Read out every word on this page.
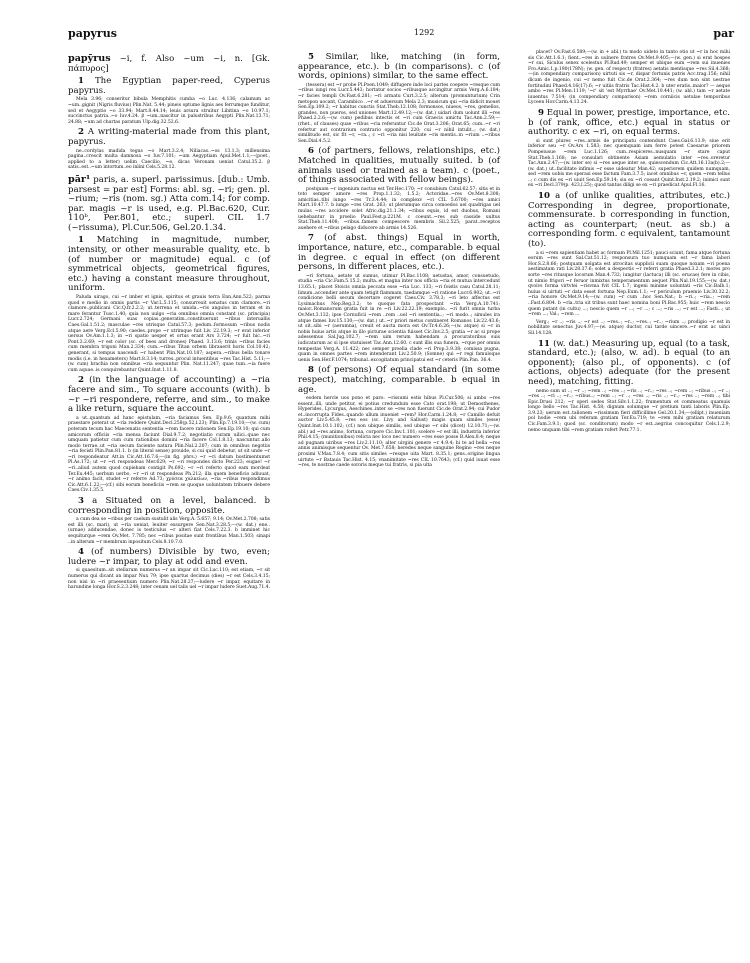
papyrus	1292	par

papȳrus ~i, f. Also ~um ~i, n. [Gk. πάπυρος]

1 The Egyptian paper-reed, Cyperus papyrus.

Mela 3.96; conseritur bibula Memphitis cumba ~o Luc. 4.136; calamum ac ~um..gignit (Nigris fluvius) Plin.Nat. 5.44; pineis optume lignis aes ferrumque funditur, sed et Aegyptio ~o 33.94; Mart.8.44.14; leuis arsura struitur Libitina ~o 10.97.1; succinctus patria..~o Iuv.4.24. β ~um..nascitur in palustribus Aegypti Plin.Nat.13.71; 24.88; ~um ad chartas paratum Ulp.dig.32.52.6.

2 A writing-material made from this plant, papyrus.

ne..cordylas madida tegus ~o Mart.3.2.4; Niliacas..~os 13.1.3; millensima pagina..crescit multa damnosa ~o Iuv.7.101; ~um Aegyptiam Apul.Met.1.1;—(poet., applied to a letter) uelim Caecilio, ~e, dicas Veronam ueniat Catul.35.2. β satis..est..~um intortum..eo inlini Cels.5.28.12.

pār¹ paris, a. superl. parissimus. [dub.: Umb. parsest = par est] Forms: abl. sg. ~ri; gen. pl. ~rium; ~ris (nom. sg.) Atta com.14; for comp. par. magis ~r is used, e.g. Pl.Bac.620, Cur. 110ᵇ, Per.801, etc.; superl. CIL 1.7 (~rissuma), Pl.Cur.506, Gel.20.1.34.

1 Matching in magnitude, number, intensity, or other measurable quality, etc. b (of number or magnitude) equal. c (of symmetrical objects, geometrical figures, etc.) having a constant measure throughout, uniform.

Paluda uirago, cui ~r imber et ignis, spiritus et grauis terra Enn.Ann.522; parma quod e medio in omnis partis ~r Var.L.5.115; consurrexit senatus cum clamore..~ri clamore..publicani Cic.Q.fr.2.2.2; ut..terrena et umida..~ris angulos in terram et in mare ferantur Tusc.1.40; quia non uulgo ~ria omnibus omnia constant (sc. principia) Lucr.2.724; Germani suas copias..generatim..constituerunt ~ribus interuallis Caes.Gal.1.51.2; masculae ~res utrisque Catul.57.3; pedum..formosum ~ribus nodis atque aere Verg.Ecl.5.90; caedes..prope ~r utrimque fuit Liv. 22.19.3; ~r erat inferior uersus Ov.Am.1.1.3; in ~ri spatio uesper et ortus erant Ars 3.724; ~r fuit hic..~ri Pont.3.2.69; ~r est color (sc. of bees and drones) Phaed. 3.13.6; trinis ~ribus facies cum membra trigoni Man.2.334; cum..~ribus Titan orbem librauerit horis Col.10.42; generant, si tempus nascendi ~r habent Plin.Nat.10.187; aspera..~ribus bella tonare modis (i.e. in hexameters) Mart.8.3.14; turres..procul intuentibus ~res Tac.Hist. 5.11;—(w. cum) brachia non omnibus ~ria sequuntur Plin. Nat.11.247; quae tum..~ia fuere cum aquae..is conquirebantur Quint.Inst.1.11.8.

2 (in the language of accounting) a ~ria facere and sim., To square accounts (with). b ~r ~ri respondere, referre, and sim., to make a like return, square the account.

a ut..quantum ad hanc epistulam, ~ria faciamus Sen. Ep.9.6; quantum mihi praestare poterat ut ~ria reddere Quint.Decl.258(p.52,l.23); Plin.Ep.7.19.10;—(w. cum) poteram tecum hac Maecenatis sententia ~rem facere rationem Sen.Ep.19.10; qui cum amicorum officiis ~ria mensa faciunt Dial.9.7.2; negotiatio curam uilici..quae nec umquam patietur cum cum rationibus domini ~ria facere Col.1.8.13; nascuntur..alio modo terrae..ut ~ria secum faciente natura Plin.Nal.2.207; cum in omnibus negotiis ~ria fecisti Plin.Pan.81.1. b (in literal sense) prouide, si cui quid debetur, ut sit unde ~r ~ri respondeatur Att.in Cic.Att.16.7.6;—(in fig. phrs.) ~r ~ri datum hostimentumst Pl.As.172; ut ~r ~ri respondeas Mer.629; ~r ~ri respondes dicto Per.223; eugae! ~r ~ri..aliud autem quod cupiebam contigit Ps.692; ~r ~ri referto quod eam mordeat Ter.Eu.445; uerbum uerbo, ~r ~ri ut respondeas Ph.212; illa quem beneficio adiuuat, ~r animo facit, studet ~r referre Ad.73; χρύσεα χαλκείων, ~ria ~ribus respondimus Cic.Att.6.1.22;—(cf.) sibi eorum beneficiis ~rem se quoque uoluntatem tribuere debere Caes.Civ.1.35.5.

3 a Situated on a level, balanced. b corresponding in position, opposite.

a cum dea se ~ribus per caelum sustulit alis Verg.A. 5.657; 9.14; Ov.Met.2.708; satis est illi (sc. mari), ut ~ria ueniat, leuiter exsurgere Sen.Nat.3.28.5;—(w. dat.) ene..(urnae) adducendae, donec is testiculus ~r alteri fiat Cels.7.22.3. b imminet hic sequiturque ~rem Ov.Met. 7.785; nec ~ribus positae sunt frontibus Man.1.503; sinapi ..in alterum ~r membrum inpositum Cels.8.10.7.0.

4 (of numbers) Divisible by two, even; ludere ~r impar, to play at odd and even.

si quaesitum..sit stellarum numerus ~r an impar sit Cic.Luc.110; est etiam, ~r sit numerus qui dicant an impar Nux 79; ipse quartus decimus (dies) ~r est Cels.3.4.15; non nisi in ~ri praesentium numero Plin.Nat.28.27;—ludere ~r impar, equitare in harundine longa Hor.S.2.3.248; inter cenam uel talis uel ~r impar ludere Suet.Aug.71.4.

5 Similar, like, matching (in form, appearance, etc.). b (in comparisons). c (of words, opinions) similar, to the same effect.

(tessera) est ~r probe Pl.Poen.1049; diffugere inde loci partes coepere ~resque cum ~ribus iungi res Lucr.5.443; hortatur socios ~ribusque accingitur armis Verg.A.6.184; ~r facies templi Ov.Fast.6.281; ~ri armatu Curt.3.2.5; alterum (promunturium) Crin metopon uocant, Carambico ..~r et aduersum Mela 2.3; musicum qui ~ria didicit mouet Sen.Ep.109.2; ~r habitus cunctis Stat.Theb.12.108; formonsos, niueos, ~res, gemellos, grandes, non pueros, sed uniones Mart.12.49.12;—(w. dat.) uidari dum uolunt illi ~res Phaed.2.2.6;—(w. cum) pedibus intectis et ~ri cum Graecis amictu Tac.Ann.2.59;—(rhet., of clauses) quae ~ribus ~ria referuntur Cic.de Orat.3.206; Orat.65; cum..~r ~ri refertur aut contrarium contrario opponitur 220; cui ~r nihil intulit..; (w. dat.) similitudo est, sic fit ~r, ~ra..; c ~ri ~ria nisi leuitate ~ris mentis..in ~rium ..~ribus Sen.Dial.4.5.2.

6 (of partners, fellows, relationships, etc.) Matched in qualities, mutually suited. b (of animals used or trained as a team). c (poet., of things associated with fellow beings).

postquam ~r ingenium nactus est Ter.Hec.170; ~r conubium Catul.62.57; sitis et in toto semper amore ~res Prop.1.1.32; 1.5.2; Actoridae..~res Ov.Met.8.308; amicitias..tibi iungo ~res Tr.3.4.44; in complexv ~ri CIL 5.6700; ~res amici Mart.10.47.7. b iunge ~res Grat. 263; ut plerumque circa comoedos uel quadrigas uel mulas ~res accidere solet Afric.dig.21.1.34; ~ribus equis, id est duobus, Romani uehebantur in proelio Paul.Fest.p.221M. c coeunt..~res sub casside uultus Stat.Theb.11.408; ~ribus..famem compescere membris Sil.2.525; parat..receptos auehere et ~ribus pelago diducere ab armis 14.526.

7 (of abst. things) Equal in worth, importance, nature, etc., comparable. b equal in degree. c equal in effect (on different persons, in different places, etc.).

~ri fortuna, aetate ut sumus, utimur Pl.Bac.1108; uetustas, amor, consuetudo, studia ~ria Cic.Fam.5.15.2; multa..et magna inter nos officia ~ria et mutua intercedunt 13.65.1; placet Stoicis omnia peccata esse ~ria Luc. 133; ~ri foistis casu Catul.28.11; limum..accendier ante quam tetigit flammam, taedamque ~ri ratione Lucr.6.902; ut..~ri condicione belli secum decertare cogeret Caes.Civ. 3.78.3; ~ri leto affectus est Lysimachus Nep.Reg.3.2; te quoque fata prospectant ~ria Verg.A.10.741; maior..Romanorum gratia fuit in re ~ri Liv.22.22.19; exemplo.. ~ri furit omnis turba Ov.Met.3.132; ipse Cornuficii ~rem ..rem ..uel ~ri sententia..; ~ri modo..; simules ira atque fames Iuv.15.130;—(w. dat.) ut..~r priori metus contineret Romanos Liv.22.43.6; ut sit..sibi ~r (aerumna), creuit et aucta mora est Ov.Tr.4.6.26;—(w. atque) si ~r in nobis huius artis atque in illo picturae scientia fuisset Cic.Inv.2.5; gratia ~r ac si prope adessemus Sal.Jug.102.7; ~rem uim rerum habendam a procuratoribus suis iudicatarum ac si ipse statuisset Tac.Ann.12.60. c sunt illis sua funera, ~rque per omnis tempestas Verg.A. 11.422; nec semper proelia clade ~ri Prop.3.9.38; comissa pugna, quam in omnes partes ~rem intenderant Liv.2.50.9; (Somne) qui ~r regi famuloque uenis Sen.Her.F.1074; tribunal..excogitatum principatui est ~r ceteris Plin.Pan. 36.4.

8 (of persons) Of equal standard (in some respect), matching, comparable. b equal in age.

eodem hercle uos pono et paro: ~rissumi estis hibus Pl.Cur.506; si ambo ~res essent..illi, unde petitur, ei potius credundum esse Cato orat.198; ut Demosthenes, Hyperides, Lycurgus, Aeschines..inter se ~res non fuerunt Cic.de Orat.2.94; cui Pudor et..incorrupta Fides..quando ullum inueniet ~rem? Hor.Carm.1.24.8; ~r Camillo defuit auctor Liv.5.45.8; ~res eos (sc. Livy and Sallust) magis quam similes (esse) Quint.Inst.10.1.102; (cf.) non ubique similis, sed ubique ~r sibi (dicet) 12.10.71;—(w. abl.) ad ~res animo, fortuna, corpore Cic.Inv.1.101; scelere ~r est illi, industria inferior Phil.4.15; (munitionibus) relicta nec loco nec numero ~res esse posse B.Alex.8.4; neque ad pugnam uiribus ~res Liv.2.11.10; alter uirgini genere ~r 4.9.4; hi te ad bella ~res annis animisque sequentur Ov. Met.7.658; heredes neque sanguine Regino ~res neque proximi V.Max.7.8.4; cum sitis similes ~resque uita Mart. 8.35.1; gens..origine lingua uirtute ~r Batauis Tac.Hist. 4.15; vnanimitate ~res CIL 10.7643; (cf.) quid iuuat esse ~res, te nostrae caede sororis meque tui fratris, si pia ulta

placet? Ov.Fast.6.589;—(w. in + abl.) tu modo uideto in tanto otio ut ~r in hoc mihi sis Cic.Att.1.6.1; fient..~res in uulnere fratres Ov.Met.9.405;—(w. gen.) si erat hospes ~r sui, Siculus senex scelestus Pl.Rud.49; semper et ubique eum ~rem sui inuenies Fro.Amic.1.p.190(178N); (w. gen. of respect) (fratres) aetatis mentisque ~res Sil.4.368;—(in compendiary comparison) uirtuti sis ~r, dispar fortunis patris Acc.trag.156; nihil dicam de ingenio, cui ~r nemo fuit Cic.de Orat.2.364; ~res dum non sint uestrae fortitudini Phaed.4.16(17).6; ~r uitiis fratris Tac.Hist.4.2. b uter eratis..maior? — aeque ambo ~res Pl.Men.1119; '~r' sit 'est Myrrhae' Ov.Met.10.441; (w. abl.) tam ~r aetate iuuentus 7.514; (in compendiary comparison) ~rem corniicis uetulae temporibus Lyceen Hor.Carm.4.13.24.

9 Equal in power, prestige, importance, etc. b (of rank, office, etc.) equal in status or authority. c ex ~ri, on equal terms.

si sunt plures ~res..armis de principatu contendunt Caes.Gal.6.13.9; siue erit inferior seu ~r Ov.Ars 1.583; nec quemquam iam ferre potest Caesarue priorem Pompeiusue ~rem Luc.1.126; cum..respiceres..nusquam ~r stare caput Stat.Theb.1.168; ne consulari obtinente Asiam aemulatio inter ~res..oreretur Tac.Ann.2.47;—(w. inter se) si ~res aeque inter se, quiescendum Cic.Att.16.13a(b).2;—(w. dat.) ut..facilitate infimis ~r esse uideatur Man.42; superiorem quidem numquam, sed ~rem uobis me sperasi esse factum Fam.3.7.5; iacet omnibus ~r, quem ~rem tellus ..; c cum dis ex ~ri uiuit Sen.Ep.59.14; siu ex ~ri coeant Quint.Inst.2.19.2; inimici sunt ex ~ri Decl.379(p. 423,l.25); quod tantus diligi se ex ~ri praedicat Apul.Fl.16.

10 a (of unlike qualities, attributes, etc.) Corresponding in degree, proportionate, commensurate. b corresponding in function, acting as counterpart; (neut. as sb.) a corresponding form. c equivalent, tantamount (to).

a si ~rem sapientiam habet ac formam Pl.Mil.1251; pauci sciunt, fama atque fortuna eorum ~res sunt Sal.Cat.51.12; responsura tuo numquam est ~r fama labori Hor.S.2.8.66; postquam uolgata est atrocitas supplicii suam quoque noxam ~ri poena aestimatam rati Liv.28.37.6; solet a despectis ~r referri gratia Phaed.3.2.1; mores pro sorte ~res ritusque locorum Man.4.732; iungitur (lactuca) illi (sc. erucae) fere in cibis, ut nimio frigori ~r feruor inmixtus temperamentum aequet Plin.Nal.19.155;—(w. dat.) qvoivs forma virtvtei ~risvma fvit CIL 1.7; ingeni minime uoluntati ~ris Cic.Balb.1; huius si uirtuti ~r data esset fortuna Nep.Eum.1.1; ~r periculum praemio Liv.30.32.2; ~ria honore Ov.Met.9.14;—(w. cum) ~r cum ..hoc Sen.Nat.; b ~ri..; ~ria..; ~rem ..Fast.6.804. b ~ria..tria sit tribus sunt haec nomina boni Pl.Bac.955; huic ~rem nescio quem putant (in cultu) ...; nescio quem ~r ...; ~r ...; c ...; ~ris ...; ~r est ...; Fasti...; ut ~rem ...; Val.; ~rem ...

Verg.; ~r ..; ~ris ..; ~r est ..; ~res..; ~r..; ~res..; ~r..; ~rium ..; prodigio ~r est in nobilitate senectus Juv.4.97;—(w. atque) ductor, cui tarde uincere..~r erat ac uinci Sil.14.128.

11 (w. dat.) Measuring up, equal (to a task, standard, etc.); (also, w. ad). b equal (to an opponent); (also pl., of opponents). c (of actions, objects) adequate (for the present need), matching, fitting.

nemo sum ut ..; ~r ..; ~rem ..; ~res ..; ~ris ..; ~r..; ~res ..; ~rem ..; ~ribus ..; ~r ..; ~res ..; ~ri ..; ~r..; ~ribus..; ~rem ..; ~r ..; ~res ..; ~ris ..; ~r..; ~res ..; ~rem ..; tibi Epic.Drusi 212; ~r operi sedes Stat.Silv.1.1.22; frumentum et commeatus quamuis longo bello ~res Tac.Hist. 4.58; dignum solumque ~r pretium tanti laboris Plin.Ep. 3.9.23; uerum est..talionem ~rissimum fieri difficillime Gel.20.1.34;—(ellipt.) inueniam pol hodie ~rem ubi referam gratiam Ter.Eu.719; te ~rem mihi gratiam relaturum Cic.Fam.3.9.1; quod (sc. conditorum) modo ~r est..aegrius concoquitur Cels.1.2.9; nemo unquam tibi ~rem gratiam rofert Petr.77.1.
